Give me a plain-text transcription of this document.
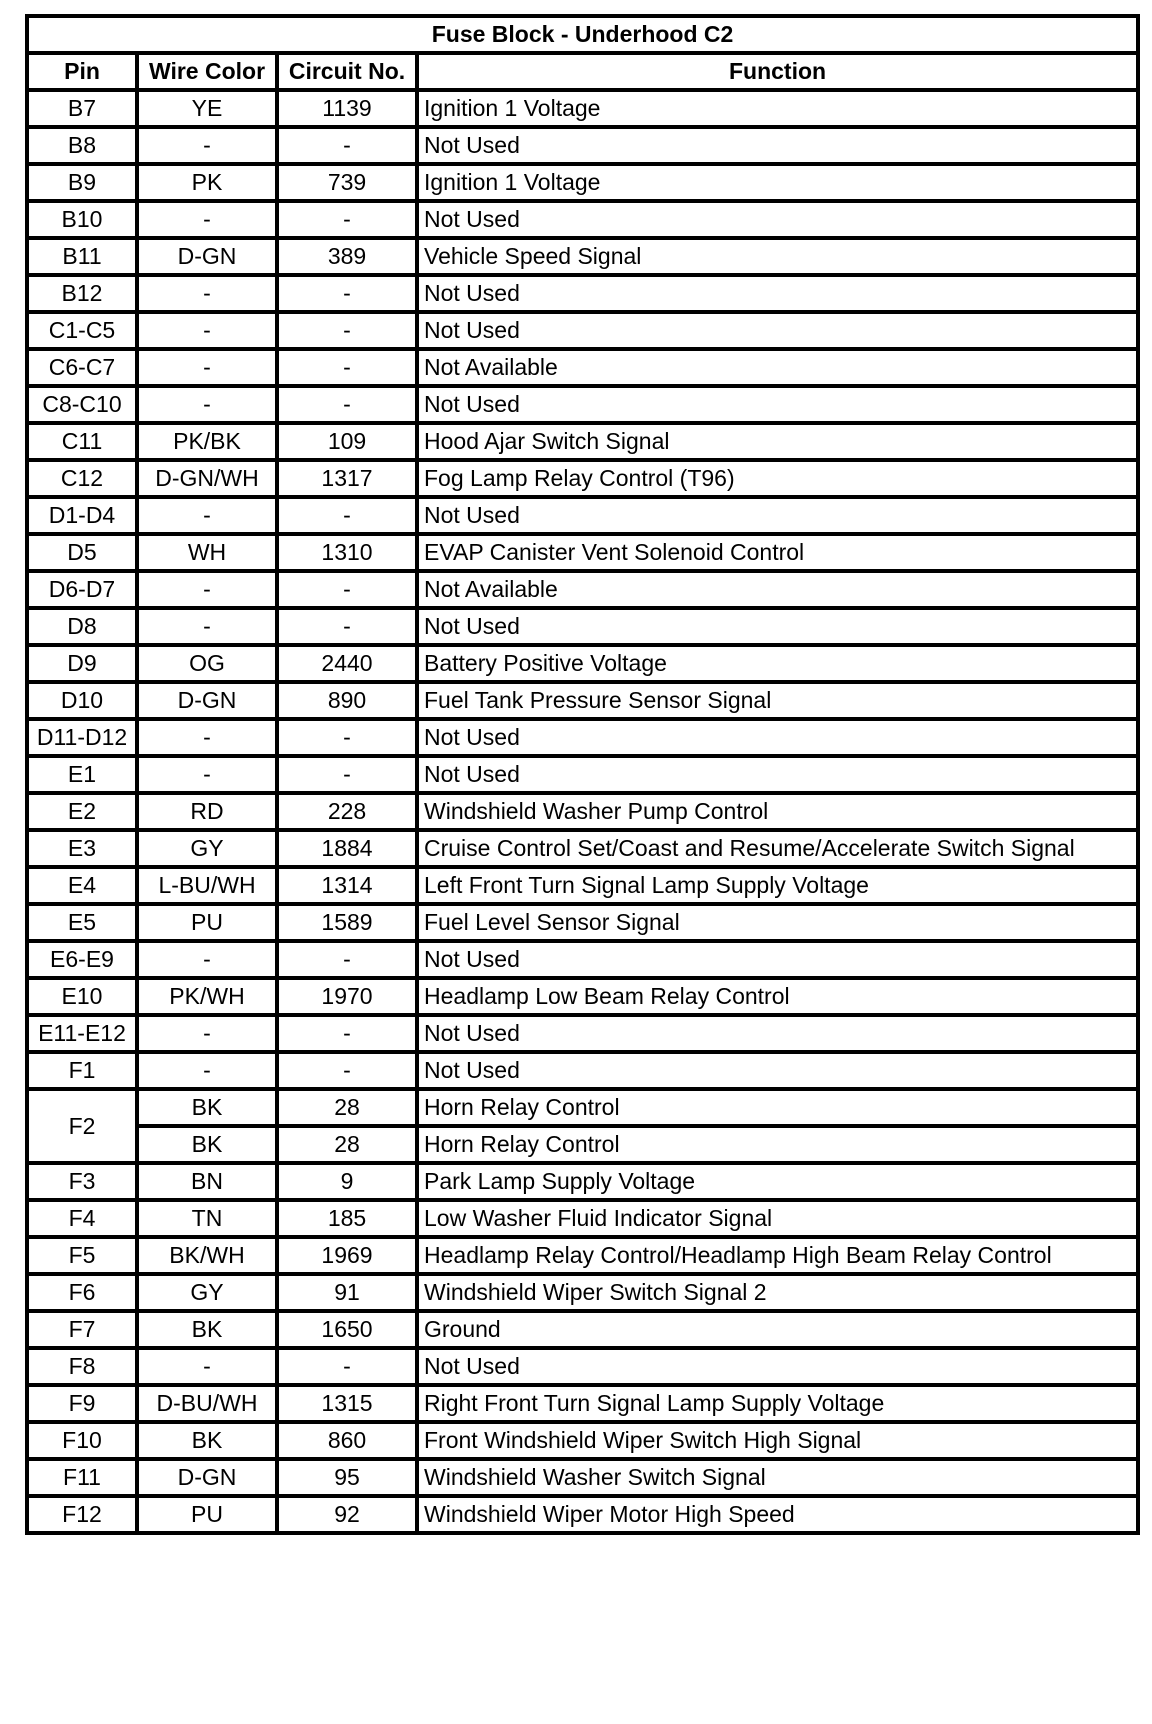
Fuse Block - Underhood C2			
Pin	Wire Color	Circuit No.	Function
B7	YE	1139	Ignition 1 Voltage
B8	-	-	Not Used
B9	PK	739	Ignition 1 Voltage
B10	-	-	Not Used
B11	D-GN	389	Vehicle Speed Signal
B12	-	-	Not Used
C1-C5	-	-	Not Used
C6-C7	-	-	Not Available
C8-C10	-	-	Not Used
C11	PK/BK	109	Hood Ajar Switch Signal
C12	D-GN/WH	1317	Fog Lamp Relay Control (T96)
D1-D4	-	-	Not Used
D5	WH	1310	EVAP Canister Vent Solenoid Control
D6-D7	-	-	Not Available
D8	-	-	Not Used
D9	OG	2440	Battery Positive Voltage
D10	D-GN	890	Fuel Tank Pressure Sensor Signal
D11-D12	-	-	Not Used
E1	-	-	Not Used
E2	RD	228	Windshield Washer Pump Control
E3	GY	1884	Cruise Control Set/Coast and Resume/Accelerate Switch Signal
E4	L-BU/WH	1314	Left Front Turn Signal Lamp Supply Voltage
E5	PU	1589	Fuel Level Sensor Signal
E6-E9	-	-	Not Used
E10	PK/WH	1970	Headlamp Low Beam Relay Control
E11-E12	-	-	Not Used
F1	-	-	Not Used
F2	BK	28	Horn Relay Control
	BK	28	Horn Relay Control
F3	BN	9	Park Lamp Supply Voltage
F4	TN	185	Low Washer Fluid Indicator Signal
F5	BK/WH	1969	Headlamp Relay Control/Headlamp High Beam Relay Control
F6	GY	91	Windshield Wiper Switch Signal 2
F7	BK	1650	Ground
F8	-	-	Not Used
F9	D-BU/WH	1315	Right Front Turn Signal Lamp Supply Voltage
F10	BK	860	Front Windshield Wiper Switch High Signal
F11	D-GN	95	Windshield Washer Switch Signal
F12	PU	92	Windshield Wiper Motor High Speed
